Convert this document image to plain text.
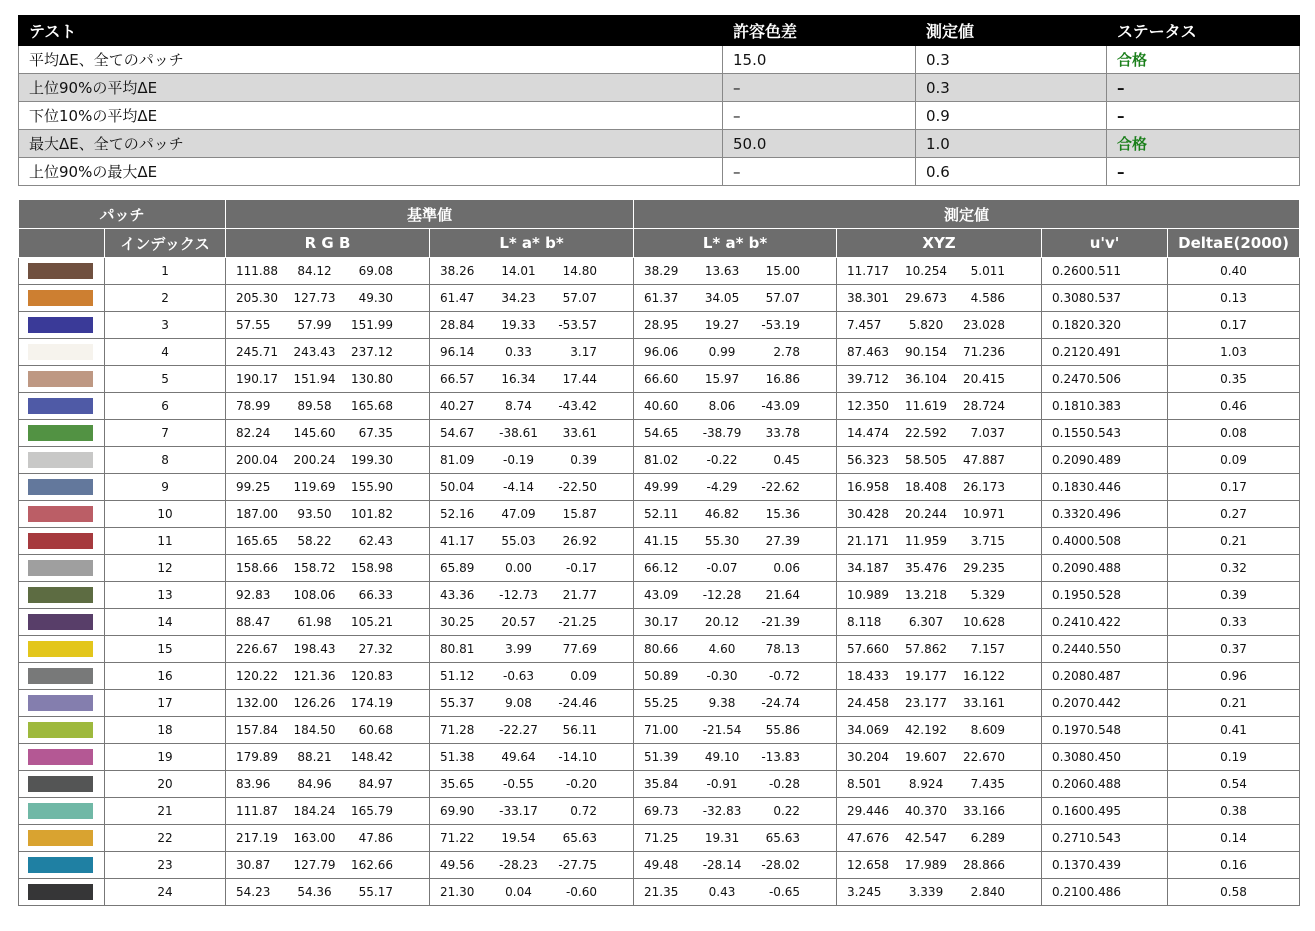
テスト	許容色差	測定値	ステータス
平均ΔE、全てのパッチ	15.0	0.3	合格
上位90%の平均ΔE	–	0.3	–
下位10%の平均ΔE	–	0.9	–
最大ΔE、全てのパッチ	50.0	1.0	合格
上位90%の最大ΔE	–	0.6	–
パッチ		基準値		測定値			
	インデックス	R G B	L* a* b*	L* a* b*	XYZ	u'v'	DeltaE(2000)

	1	111.88 84.12 69.08	38.26 14.01 14.80	38.29 13.63 15.00	11.717 10.254 5.011	0.260 0.511	0.40

	2	205.30 127.73 49.30	61.47 34.23 57.07	61.37 34.05 57.07	38.301 29.673 4.586	0.308 0.537	0.13

	3	57.55 57.99 151.99	28.84 19.33 -53.57	28.95 19.27 -53.19	7.457 5.820 23.028	0.182 0.320	0.17

	4	245.71 243.43 237.12	96.14 0.33 3.17	96.06 0.99 2.78	87.463 90.154 71.236	0.212 0.491	1.03

	5	190.17 151.94 130.80	66.57 16.34 17.44	66.60 15.97 16.86	39.712 36.104 20.415	0.247 0.506	0.35

	6	78.99 89.58 165.68	40.27 8.74 -43.42	40.60 8.06 -43.09	12.350 11.619 28.724	0.181 0.383	0.46

	7	82.24 145.60 67.35	54.67 -38.61 33.61	54.65 -38.79 33.78	14.474 22.592 7.037	0.155 0.543	0.08

	8	200.04 200.24 199.30	81.09 -0.19 0.39	81.02 -0.22 0.45	56.323 58.505 47.887	0.209 0.489	0.09

	9	99.25 119.69 155.90	50.04 -4.14 -22.50	49.99 -4.29 -22.62	16.958 18.408 26.173	0.183 0.446	0.17

	10	187.00 93.50 101.82	52.16 47.09 15.87	52.11 46.82 15.36	30.428 20.244 10.971	0.332 0.496	0.27

	11	165.65 58.22 62.43	41.17 55.03 26.92	41.15 55.30 27.39	21.171 11.959 3.715	0.400 0.508	0.21

	12	158.66 158.72 158.98	65.89 0.00 -0.17	66.12 -0.07 0.06	34.187 35.476 29.235	0.209 0.488	0.32

	13	92.83 108.06 66.33	43.36 -12.73 21.77	43.09 -12.28 21.64	10.989 13.218 5.329	0.195 0.528	0.39

	14	88.47 61.98 105.21	30.25 20.57 -21.25	30.17 20.12 -21.39	8.118 6.307 10.628	0.241 0.422	0.33

	15	226.67 198.43 27.32	80.81 3.99 77.69	80.66 4.60 78.13	57.660 57.862 7.157	0.244 0.550	0.37

	16	120.22 121.36 120.83	51.12 -0.63 0.09	50.89 -0.30 -0.72	18.433 19.177 16.122	0.208 0.487	0.96

	17	132.00 126.26 174.19	55.37 9.08 -24.46	55.25 9.38 -24.74	24.458 23.177 33.161	0.207 0.442	0.21

	18	157.84 184.50 60.68	71.28 -22.27 56.11	71.00 -21.54 55.86	34.069 42.192 8.609	0.197 0.548	0.41

	19	179.89 88.21 148.42	51.38 49.64 -14.10	51.39 49.10 -13.83	30.204 19.607 22.670	0.308 0.450	0.19

	20	83.96 84.96 84.97	35.65 -0.55 -0.20	35.84 -0.91 -0.28	8.501 8.924 7.435	0.206 0.488	0.54

	21	111.87 184.24 165.79	69.90 -33.17 0.72	69.73 -32.83 0.22	29.446 40.370 33.166	0.160 0.495	0.38

	22	217.19 163.00 47.86	71.22 19.54 65.63	71.25 19.31 65.63	47.676 42.547 6.289	0.271 0.543	0.14

	23	30.87 127.79 162.66	49.56 -28.23 -27.75	49.48 -28.14 -28.02	12.658 17.989 28.866	0.137 0.439	0.16

	24	54.23 54.36 55.17	21.30 0.04 -0.60	21.35 0.43 -0.65	3.245 3.339 2.840	0.210 0.486	0.58
